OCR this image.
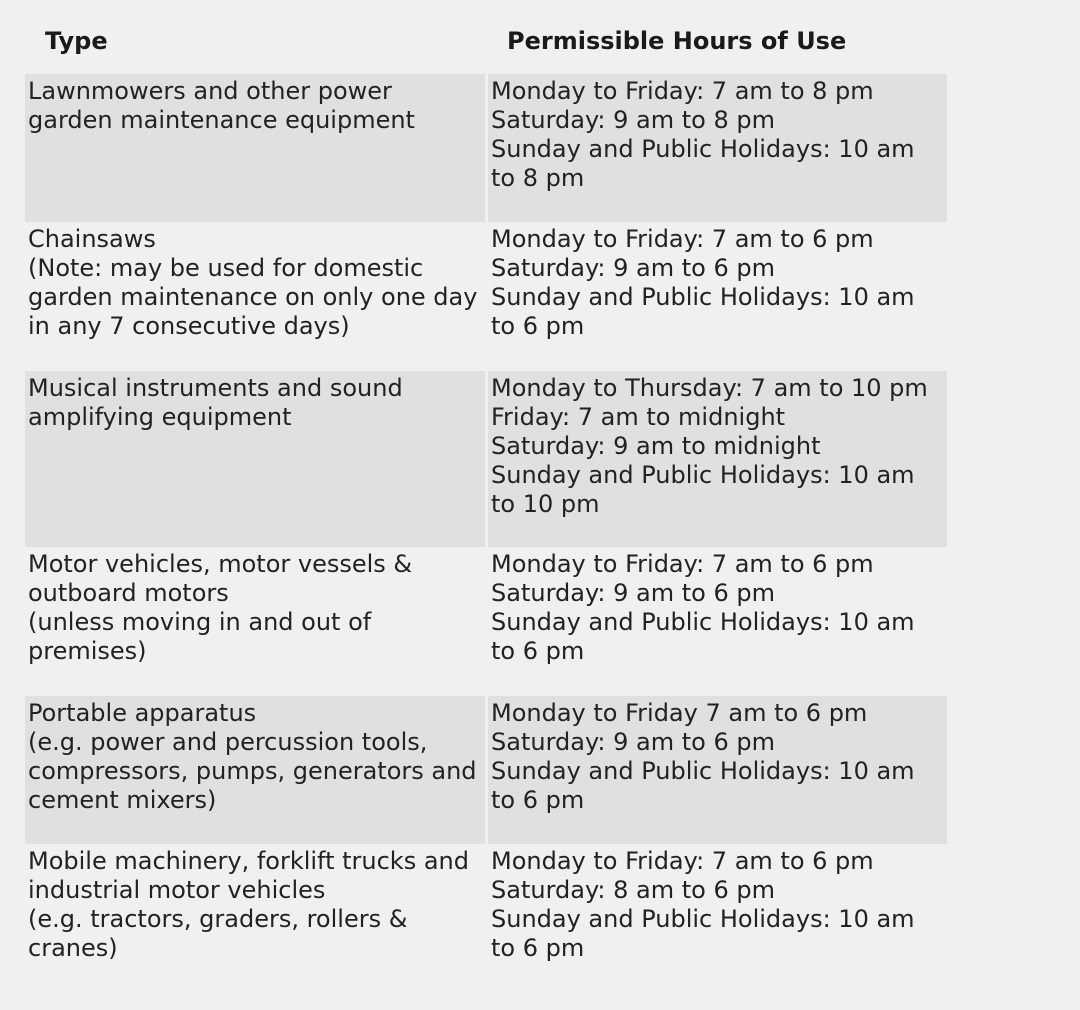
Type	Permissible Hours of Use
Lawnmowers and other power
garden maintenance equipment
Monday to Friday: 7 am to 8 pm
Saturday: 9 am to 8 pm
Sunday and Public Holidays: 10 am
to 8 pm
Chainsaws
(Note: may be used for domestic
garden maintenance on only one day
in any 7 consecutive days)
Monday to Friday: 7 am to 6 pm
Saturday: 9 am to 6 pm
Sunday and Public Holidays: 10 am
to 6 pm
Musical instruments and sound
amplifying equipment
Monday to Thursday: 7 am to 10 pm
Friday: 7 am to midnight
Saturday: 9 am to midnight
Sunday and Public Holidays: 10 am
to 10 pm
Motor vehicles, motor vessels &
outboard motors
(unless moving in and out of
premises)
Monday to Friday: 7 am to 6 pm
Saturday: 9 am to 6 pm
Sunday and Public Holidays: 10 am
to 6 pm
Portable apparatus
(e.g. power and percussion tools,
compressors, pumps, generators and
cement mixers)
Monday to Friday 7 am to 6 pm
Saturday: 9 am to 6 pm
Sunday and Public Holidays: 10 am
to 6 pm
Mobile machinery, forklift trucks and
industrial motor vehicles
(e.g. tractors, graders, rollers &
cranes)
Monday to Friday: 7 am to 6 pm
Saturday: 8 am to 6 pm
Sunday and Public Holidays: 10 am
to 6 pm
